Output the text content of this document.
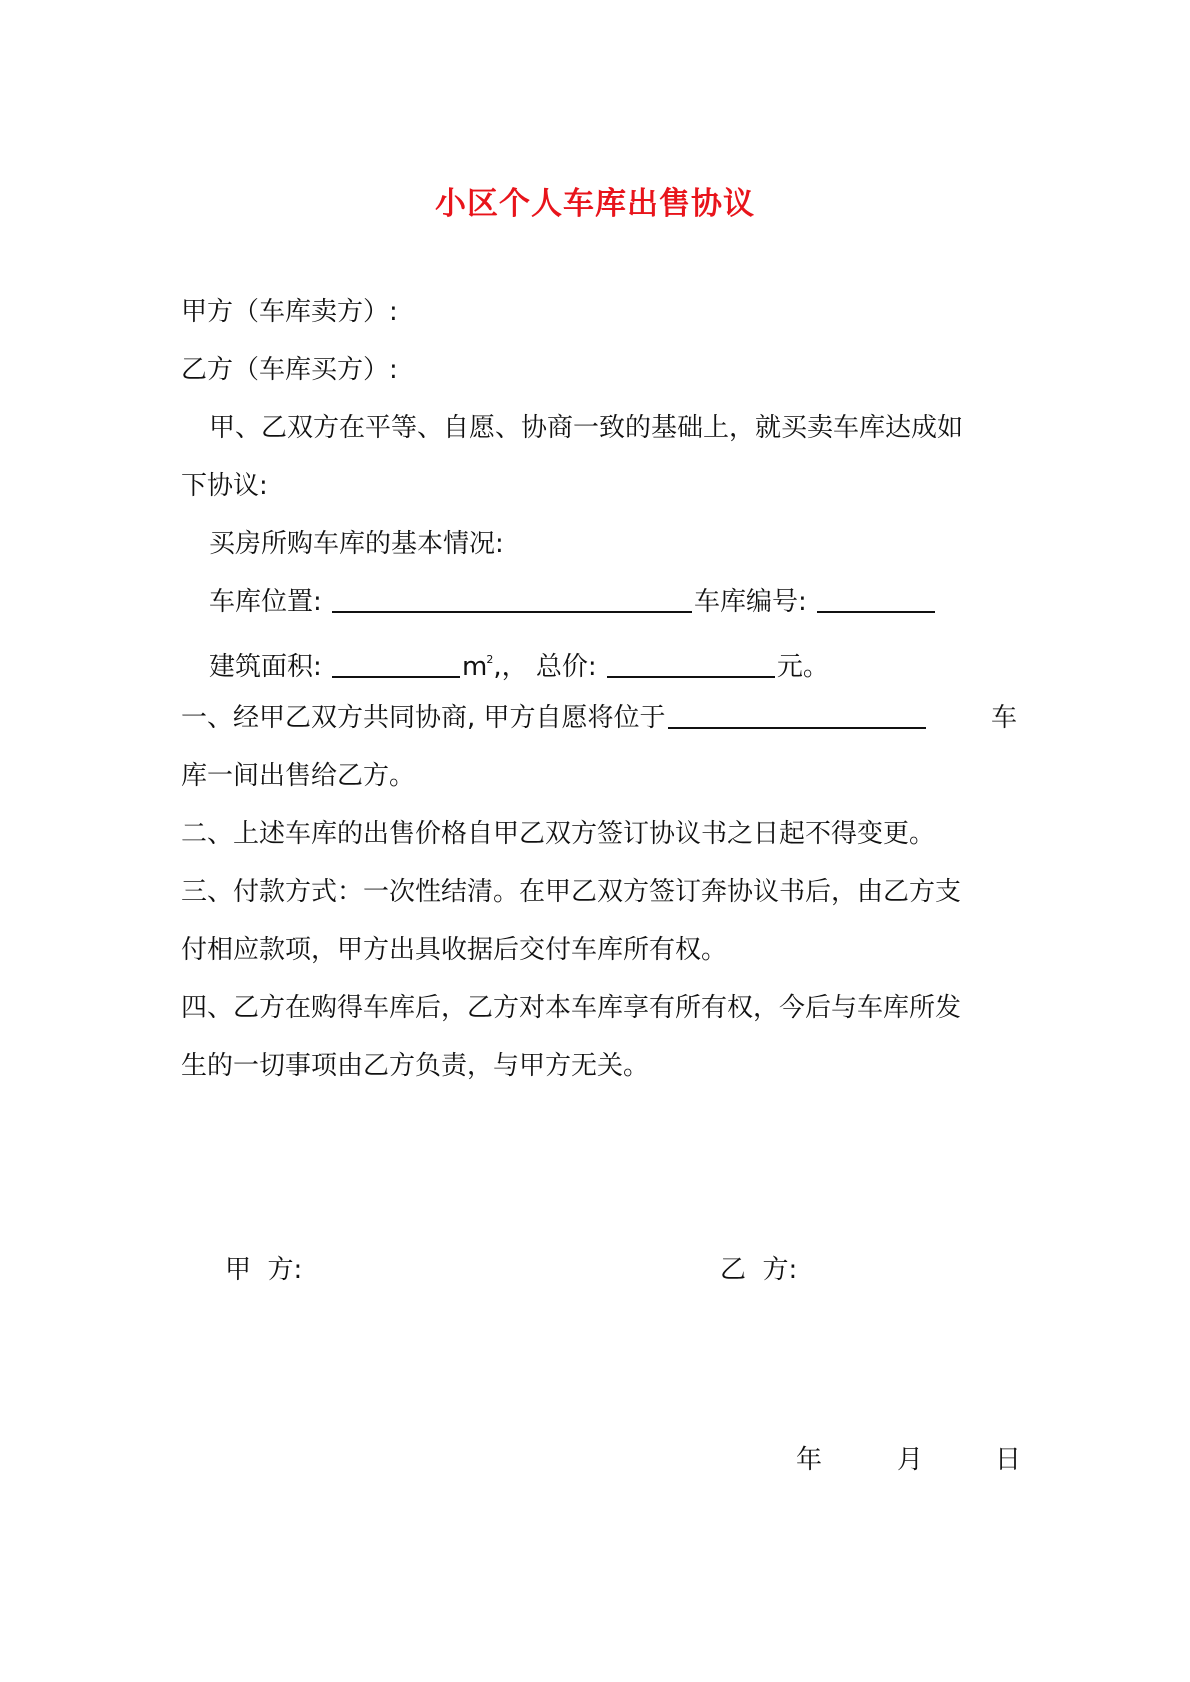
小区个人车库出售协议
甲方（车库卖方）:
乙方（车库买方）:
甲、乙双方在平等、自愿、协商一致的基础上，就买卖车库达成如
下协议:
买房所购车库的基本情况:
车库位置:	车库编号:
建筑面积:	$m^2$,， 总价:	元。
一、经甲乙双方共同协商, 甲方自愿将位于	车
库一间出售给乙方。
二、上述车库的出售价格自甲乙双方签订协议书之日起不得变更。
三、付款方式：一次性结清。在甲乙双方签订奔协议书后，由乙方支
付相应款项，甲方出具收据后交付车库所有权。
四、乙方在购得车库后，乙方对本车库享有所有权，今后与车库所发
生的一切事项由乙方负责，与甲方无关。
甲  方:	乙  方:
年	月	日
